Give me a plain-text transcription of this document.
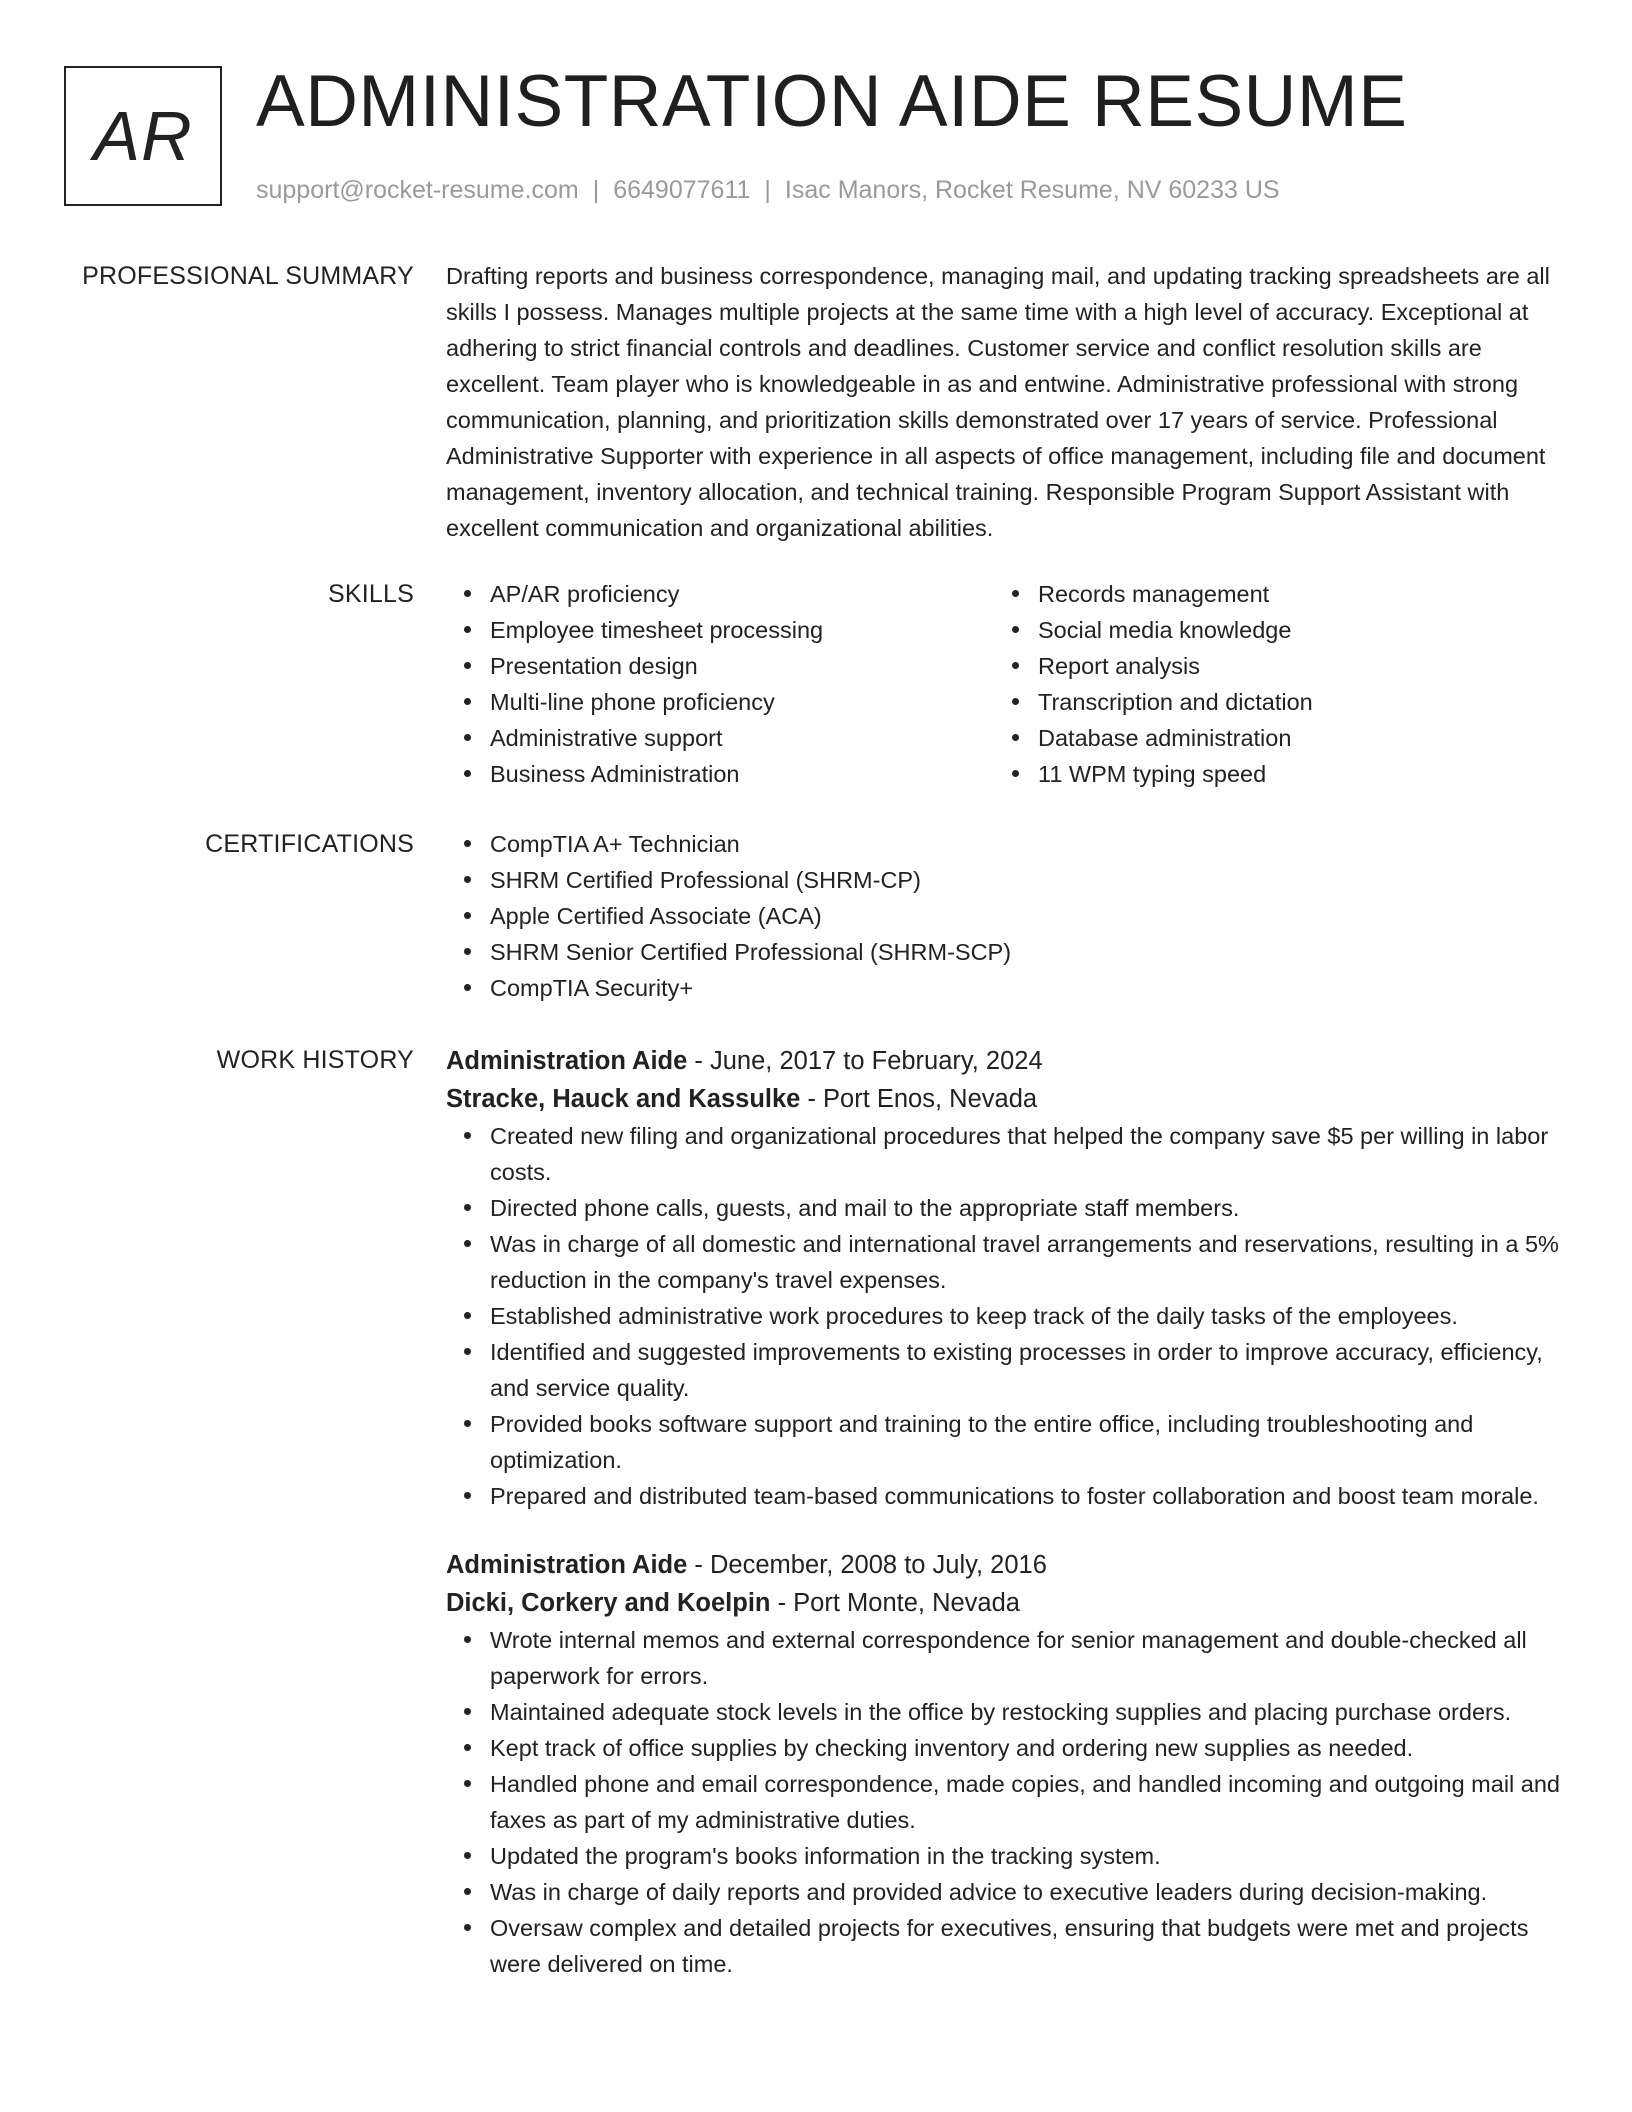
AR ADMINISTRATION AIDE RESUME
support@rocket-resume.com | 6649077611 | Isac Manors, Rocket Resume, NV 60233 US
PROFESSIONAL SUMMARY Drafting reports and business correspondence, managing mail, and updating tracking spreadsheets are all skills I possess. Manages multiple projects at the same time with a high level of accuracy. Exceptional at adhering to strict financial controls and deadlines. Customer service and conflict resolution skills are excellent. Team player who is knowledgeable in as and entwine. Administrative professional with strong communication, planning, and prioritization skills demonstrated over 17 years of service. Professional Administrative Supporter with experience in all aspects of office management, including file and document management, inventory allocation, and technical training. Responsible Program Support Assistant with excellent communication and organizational abilities.

SKILLS	AP/AR proficiency
Employee timesheet processing
Presentation design
Multi-line phone proficiency
Administrative support
Business Administration
Records management
Social media knowledge
Report analysis
Transcription and dictation
Database administration
11 WPM typing speed
CERTIFICATIONS	CompTIA A+ Technician
SHRM Certified Professional (SHRM-CP)
Apple Certified Associate (ACA)
SHRM Senior Certified Professional (SHRM-SCP)
CompTIA Security+
WORK HISTORY Administration Aide - June, 2017 to February, 2024
Stracke, Hauck and Kassulke - Port Enos, Nevada
Created new filing and organizational procedures that helped the company save $5 per willing in labor costs.
Directed phone calls, guests, and mail to the appropriate staff members.
Was in charge of all domestic and international travel arrangements and reservations, resulting in a 5% reduction in the company's travel expenses.
Established administrative work procedures to keep track of the daily tasks of the employees.
Identified and suggested improvements to existing processes in order to improve accuracy, efficiency, and service quality.
Provided books software support and training to the entire office, including troubleshooting and optimization.
Prepared and distributed team-based communications to foster collaboration and boost team morale.
Administration Aide - December, 2008 to July, 2016
Dicki, Corkery and Koelpin - Port Monte, Nevada
Wrote internal memos and external correspondence for senior management and double-checked all paperwork for errors.
Maintained adequate stock levels in the office by restocking supplies and placing purchase orders.
Kept track of office supplies by checking inventory and ordering new supplies as needed.
Handled phone and email correspondence, made copies, and handled incoming and outgoing mail and faxes as part of my administrative duties.
Updated the program's books information in the tracking system.
Was in charge of daily reports and provided advice to executive leaders during decision-making.
Oversaw complex and detailed projects for executives, ensuring that budgets were met and projects were delivered on time.
